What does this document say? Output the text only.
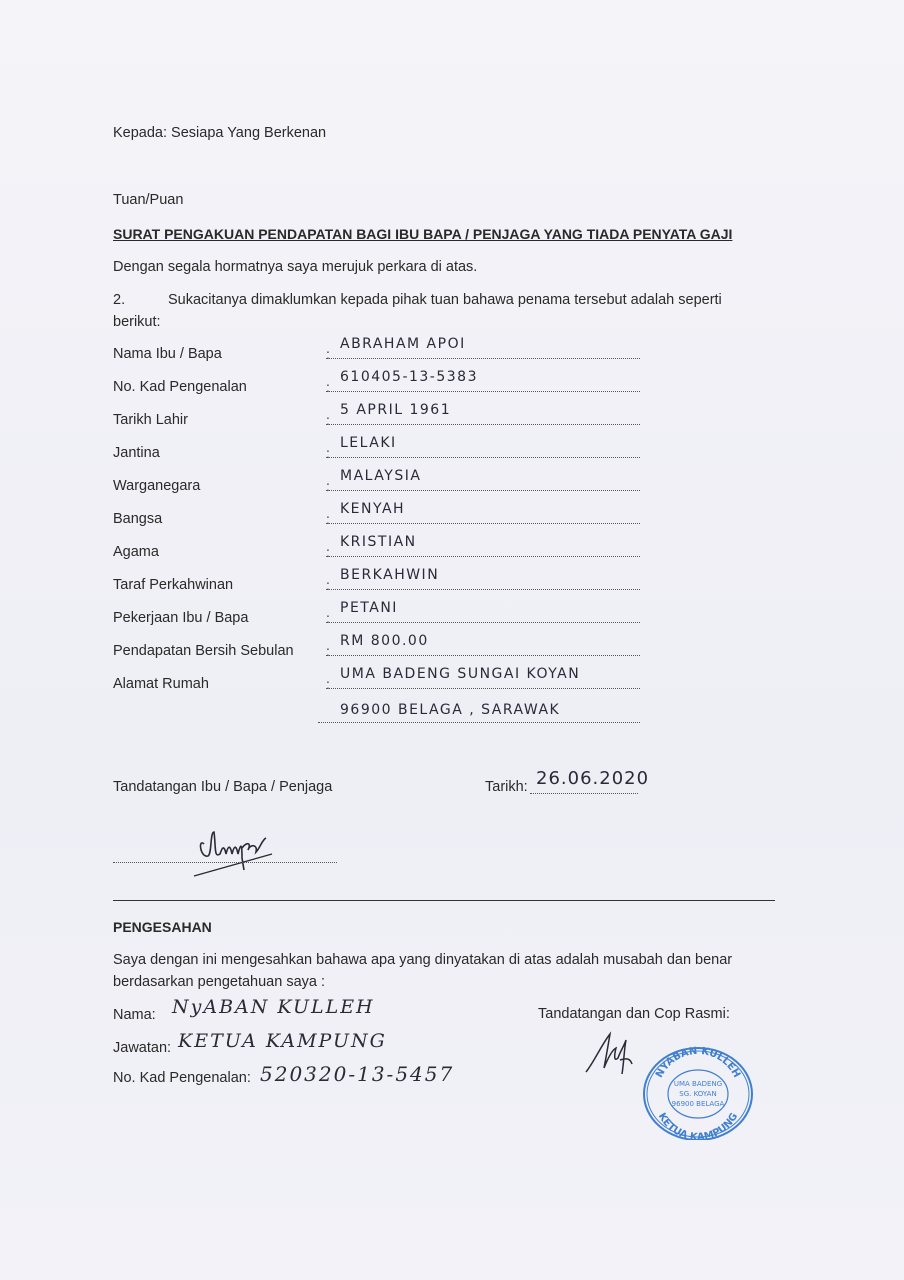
Kepada: Sesiapa Yang Berkenan
Tuan/Puan
SURAT PENGAKUAN PENDAPATAN BAGI IBU BAPA / PENJAGA YANG TIADA PENYATA GAJI
Dengan segala hormatnya saya merujuk perkara di atas.
2.	Sukacitanya dimaklumkan kepada pihak tuan bahawa penama tersebut adalah seperti
berikut:
Nama Ibu / Bapa	:
ABRAHAM APOI
No. Kad Pengenalan	:
610405-13-5383
Tarikh Lahir	:
5 APRIL 1961
Jantina	:
LELAKI
Warganegara	:
MALAYSIA
Bangsa	:
KENYAH
Agama	:
KRISTIAN
Taraf Perkahwinan	:
BERKAHWIN
Pekerjaan Ibu / Bapa	:
PETANI
Pendapatan Bersih Sebulan :
RM 800.00
Alamat Rumah	:
UMA BADENG SUNGAI KOYAN
96900 BELAGA , SARAWAK
Tandatangan Ibu / Bapa / Penjaga	Tarikh: 26.06.2020
PENGESAHAN
Saya dengan ini mengesahkan bahawa apa yang dinyatakan di atas adalah musabah dan benar
berdasarkan pengetahuan saya :
Nama: NyABAN KULLEH
Jawatan: KETUA KAMPUNG
No. Kad Pengenalan: 520320-13-5457
Tandatangan dan Cop Rasmi:
NYABAN KULLEH
KETUA KAMPUNG
UMA BADENG
SG. KOYAN
96900 BELAGA
